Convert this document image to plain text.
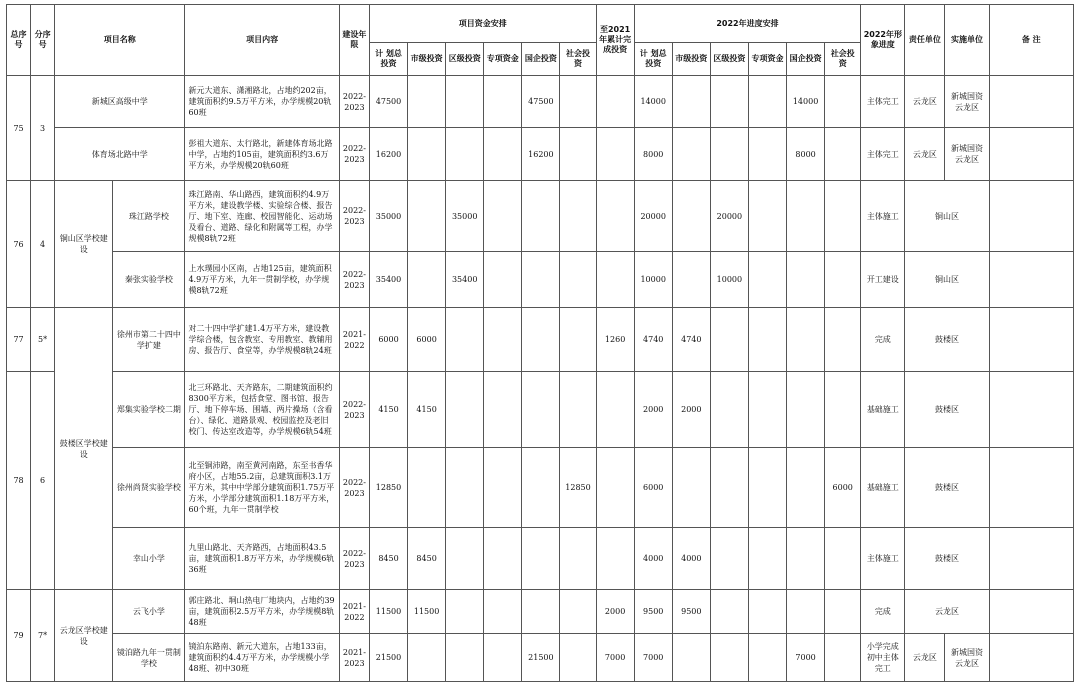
总序号	分序号	项目名称		项目内容	建设年限	项目资金安排						至2021年累计完成投资	2022年进度安排						2022年形象进度	责任单位	实施单位	备 注
						计 划总投资	市级投资	区级投资	专项资金	国企投资	社会投资		计 划总投资	市级投资	区级投资	专项资金	国企投资	社会投资				
75	3	新城区高级中学		新元大道东、潇湘路北，占地约202亩，建筑面积约9.5万平方米，办学规模20轨60班	2022-2023	47500				47500			14000				14000		主体完工	云龙区	新城国资云龙区	
		体育场北路中学		彭祖大道东、太行路北，新建体育场北路中学，占地约105亩，建筑面积约3.6万平方米，办学规模20轨60班	2022-2023	16200				16200			8000				8000		主体完工	云龙区	新城国资云龙区	
76	4	铜山区学校建设	珠江路学校	珠江路南、华山路西，建筑面积约4.9万平方米，建设教学楼、实验综合楼、报告厅、地下室、连廊、校园智能化、运动场及看台、道路、绿化和附属等工程，办学规模8轨72班	2022-2023	35000		35000					20000		20000				主体施工	铜山区		
			秦张实验学校	上水璞园小区南，占地125亩，建筑面积4.9万平方米，九年一贯制学校，办学规模8轨72班	2022-2023	35400		35400					10000		10000				开工建设	铜山区		
77	5*	鼓楼区学校建设	徐州市第二十四中学扩建	对二十四中学扩建1.4万平方米，建设教学综合楼，包含教室、专用教室、教辅用房、报告厅、食堂等，办学规模8轨24班	2021-2022	6000	6000					1260	4740	4740					完成	鼓楼区		
78	6		郑集实验学校二期	北三环路北、天齐路东，二期建筑面积约8300平方米，包括食堂、图书馆、报告厅、地下停车场、围墙、两片操场（含看台）、绿化、道路景观、校园监控及老旧校门、传达室改造等，办学规模6轨54班	2022-2023	4150	4150						2000	2000					基础施工	鼓楼区		
			徐州尚贤实验学校	北至铜沛路，南至黄河南路，东至书香华府小区，占地55.2亩，总建筑面积3.1万平方米，其中中学部分建筑面积1.75万平方米，小学部分建筑面积1.18万平方米，60个班，九年一贯制学校	2022-2023	12850					12850		6000					6000	基础施工	鼓楼区		
			幸山小学	九里山路北、天齐路西，占地面积43.5亩，建筑面积1.8万平方米，办学规模6轨36班	2022-2023	8450	8450						4000	4000					主体施工	鼓楼区		
79	7*	云龙区学校建设	云飞小学	郭庄路北、垌山热电厂地块内，占地约39亩，建筑面积2.5万平方米，办学规模8轨48班	2021-2022	11500	11500					2000	9500	9500					完成	云龙区		
			镜泊路九年一贯制学校	镜泊东路南、新元大道东，占地133亩，建筑面积约4.4万平方米，办学规模小学48班、初中30班	2021-2023	21500				21500		7000	7000				7000		小学完成初中主体完工	云龙区	新城国资云龙区	
